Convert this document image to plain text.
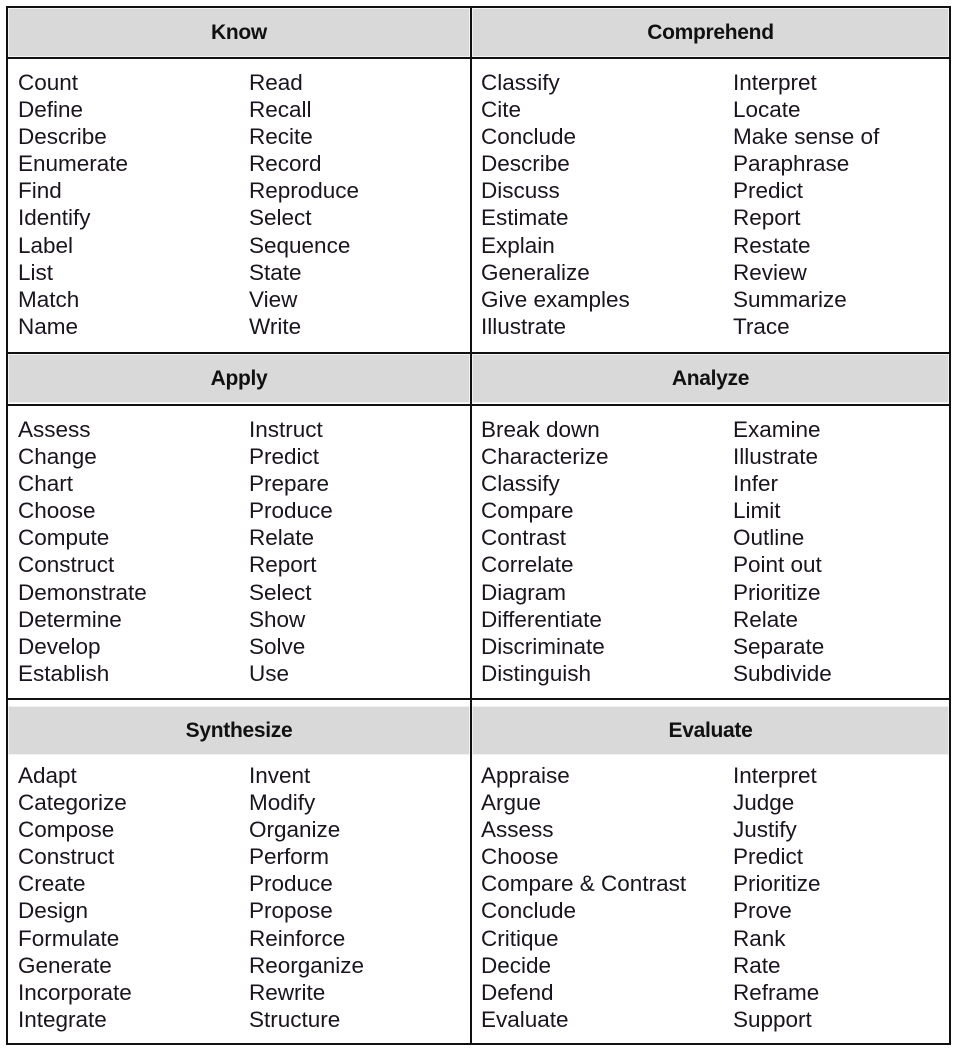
Know
Count
Define
Describe
Enumerate
Find
Identify
Label
List
Match
Name
Read
Recall
Recite
Record
Reproduce
Select
Sequence
State
View
Write
Comprehend
Classify
Cite
Conclude
Describe
Discuss
Estimate
Explain
Generalize
Give examples
Illustrate
Interpret
Locate
Make sense of
Paraphrase
Predict
Report
Restate
Review
Summarize
Trace
Apply
Assess
Change
Chart
Choose
Compute
Construct
Demonstrate
Determine
Develop
Establish
Instruct
Predict
Prepare
Produce
Relate
Report
Select
Show
Solve
Use
Analyze
Break down
Characterize
Classify
Compare
Contrast
Correlate
Diagram
Differentiate
Discriminate
Distinguish
Examine
Illustrate
Infer
Limit
Outline
Point out
Prioritize
Relate
Separate
Subdivide
Synthesize
Adapt
Categorize
Compose
Construct
Create
Design
Formulate
Generate
Incorporate
Integrate
Invent
Modify
Organize
Perform
Produce
Propose
Reinforce
Reorganize
Rewrite
Structure
Evaluate
Appraise
Argue
Assess
Choose
Compare & Contrast
Conclude
Critique
Decide
Defend
Evaluate
Interpret
Judge
Justify
Predict
Prioritize
Prove
Rank
Rate
Reframe
Support
